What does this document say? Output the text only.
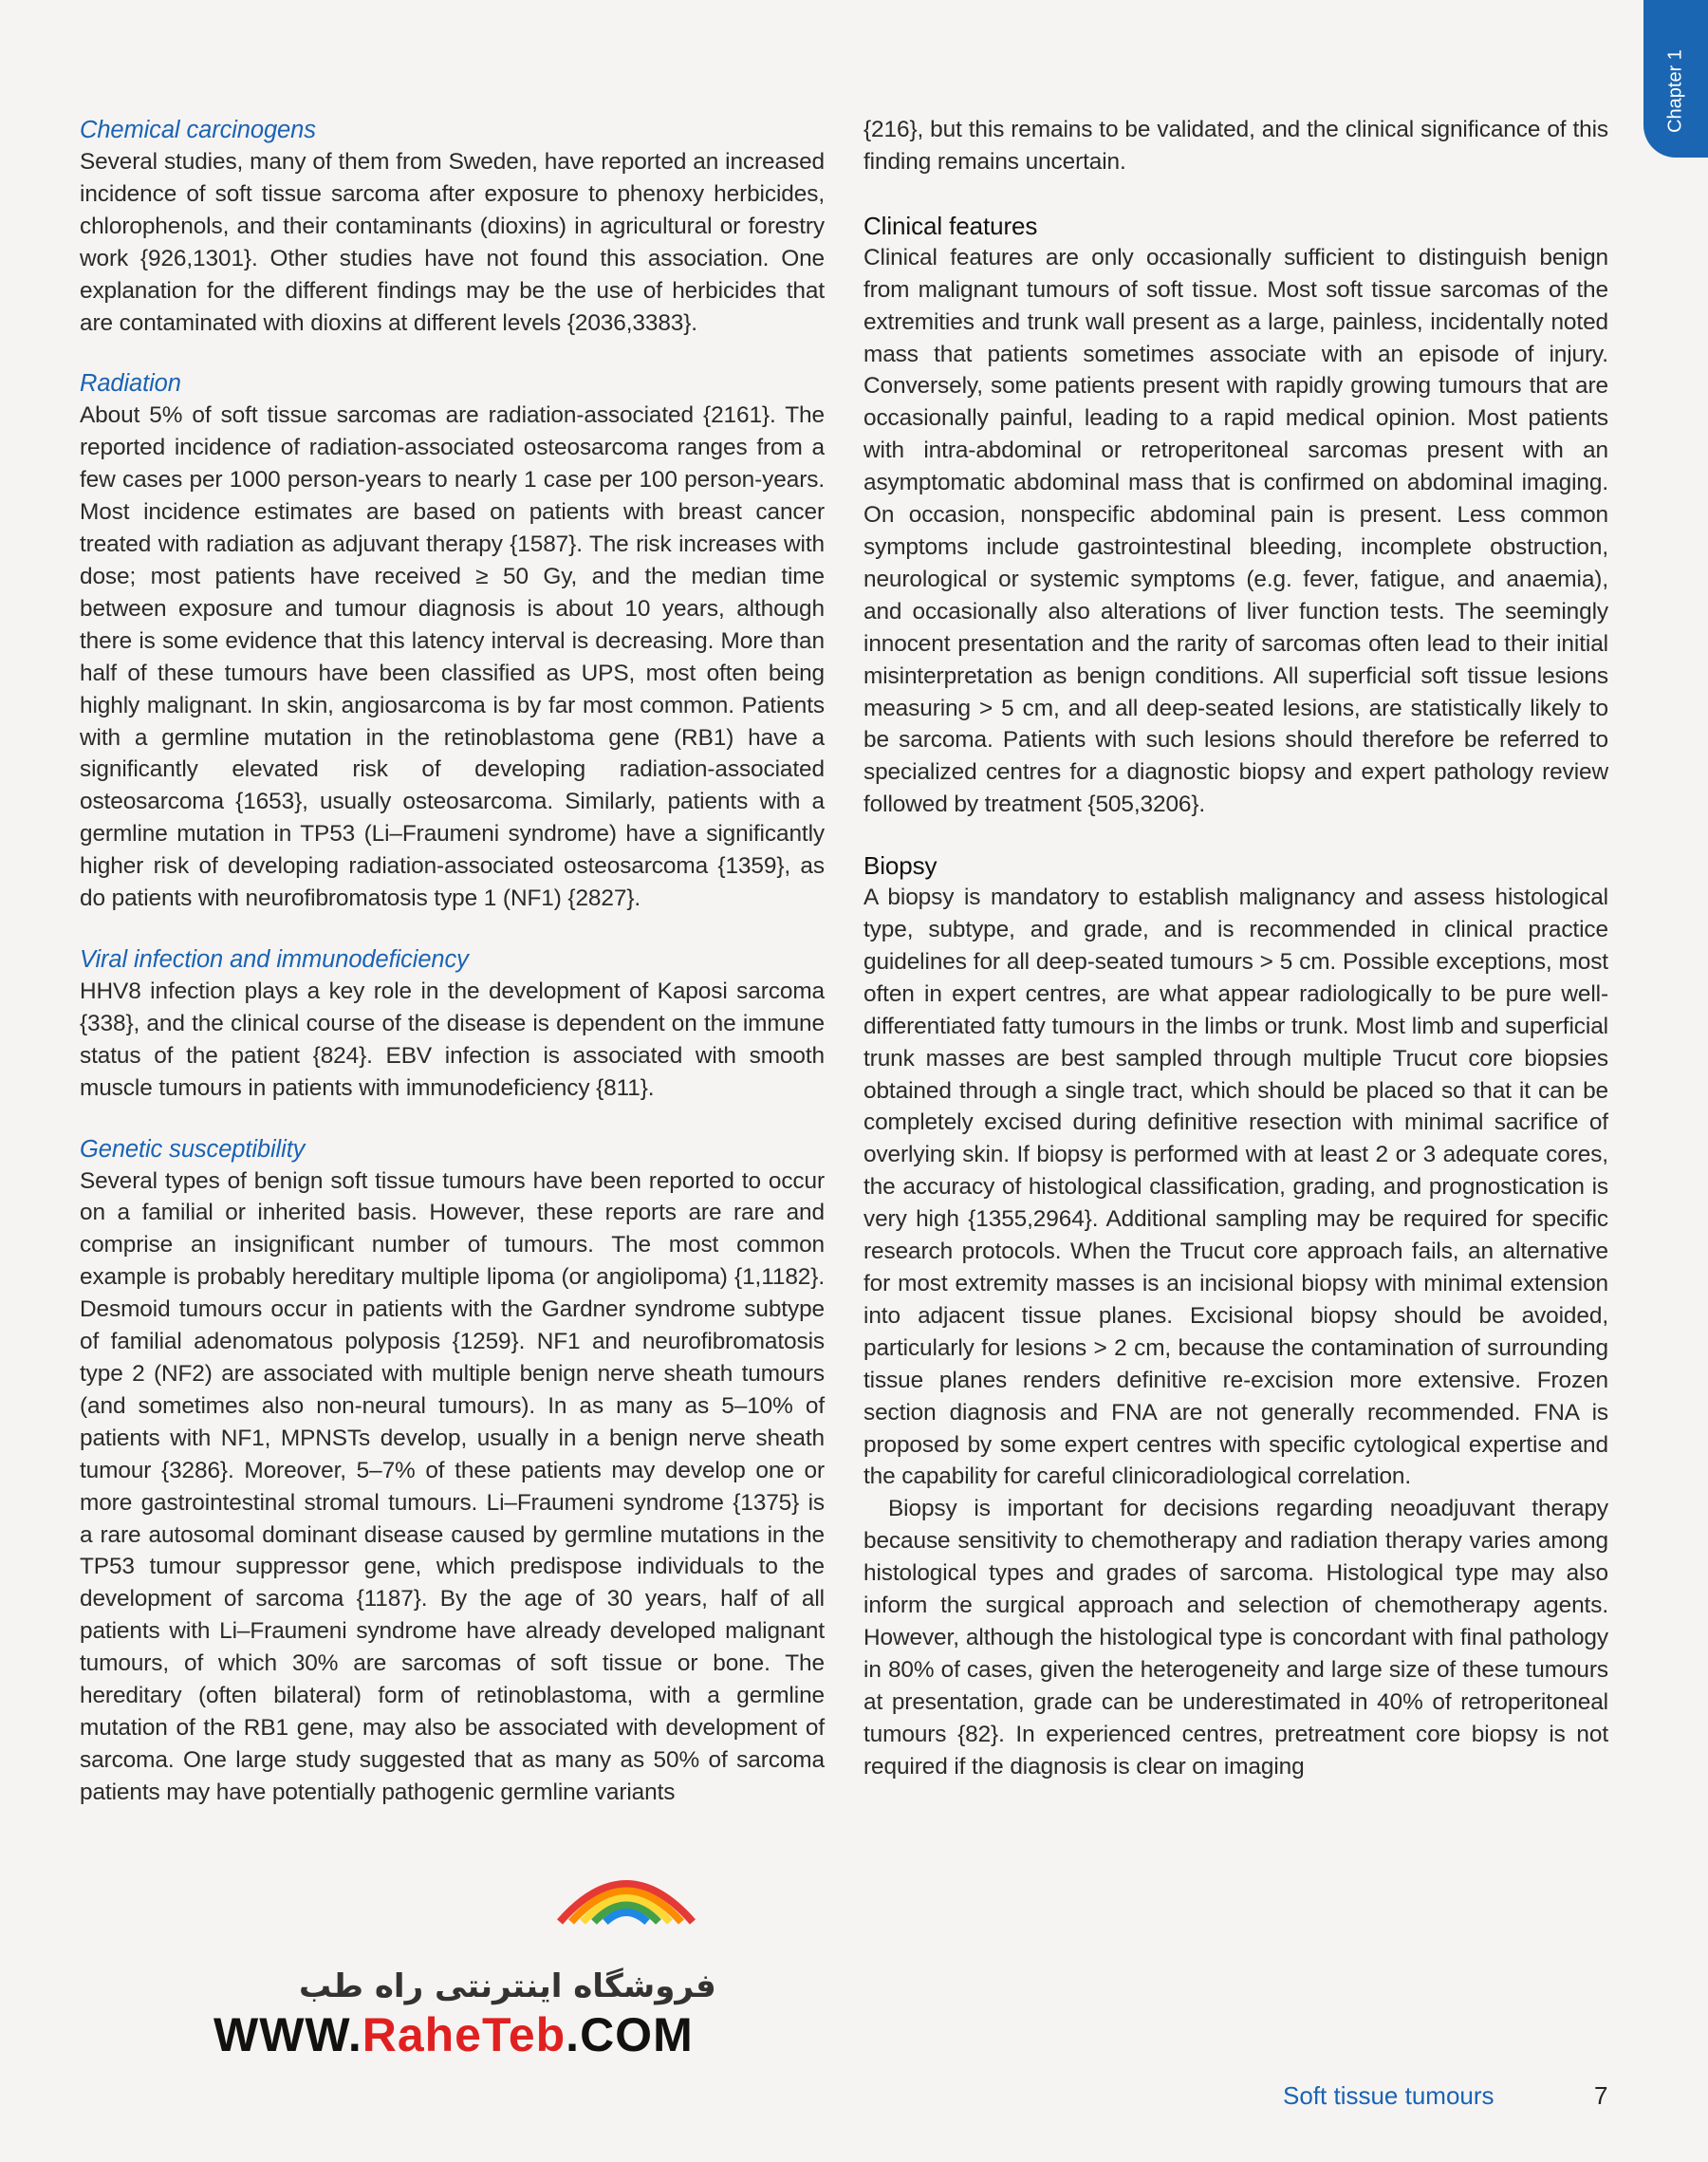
Chapter 1
Chemical carcinogens

Several studies, many of them from Sweden, have reported an increased incidence of soft tissue sarcoma after exposure to phenoxy herbicides, chlorophenols, and their contaminants (dioxins) in agricultural or forestry work {926,1301}. Other studies have not found this association. One explanation for the different findings may be the use of herbicides that are contaminated with dioxins at different levels {2036,3383}.

Radiation

About 5% of soft tissue sarcomas are radiation-associated {2161}. The reported incidence of radiation-associated osteosarcoma ranges from a few cases per 1000 person-years to nearly 1 case per 100 person-years. Most incidence estimates are based on patients with breast cancer treated with radiation as adjuvant therapy {1587}. The risk increases with dose; most patients have received ≥ 50 Gy, and the median time between exposure and tumour diagnosis is about 10 years, although there is some evidence that this latency interval is decreasing. More than half of these tumours have been classified as UPS, most often being highly malignant. In skin, angiosarcoma is by far most common. Patients with a germline mutation in the retinoblastoma gene (RB1) have a significantly elevated risk of developing radiation-associated osteosarcoma {1653}, usually osteosarcoma. Similarly, patients with a germline mutation in TP53 (Li–Fraumeni syndrome) have a significantly higher risk of developing radiation-associated osteosarcoma {1359}, as do patients with neurofibromatosis type 1 (NF1) {2827}.

Viral infection and immunodeficiency

HHV8 infection plays a key role in the development of Kaposi sarcoma {338}, and the clinical course of the disease is dependent on the immune status of the patient {824}. EBV infection is associated with smooth muscle tumours in patients with immunodeficiency {811}.

Genetic susceptibility

Several types of benign soft tissue tumours have been reported to occur on a familial or inherited basis. However, these reports are rare and comprise an insignificant number of tumours. The most common example is probably hereditary multiple lipoma (or angiolipoma) {1,1182}. Desmoid tumours occur in patients with the Gardner syndrome subtype of familial adenomatous polyposis {1259}. NF1 and neurofibromatosis type 2 (NF2) are associated with multiple benign nerve sheath tumours (and sometimes also non-neural tumours). In as many as 5–10% of patients with NF1, MPNSTs develop, usually in a benign nerve sheath tumour {3286}. Moreover, 5–7% of these patients may develop one or more gastrointestinal stromal tumours. Li–Fraumeni syndrome {1375} is a rare autosomal dominant disease caused by germline mutations in the TP53 tumour suppressor gene, which predispose individuals to the development of sarcoma {1187}. By the age of 30 years, half of all patients with Li–Fraumeni syndrome have already developed malignant tumours, of which 30% are sarcomas of soft tissue or bone. The hereditary (often bilateral) form of retinoblastoma, with a germline mutation of the RB1 gene, may also be associated with development of sarcoma. One large study suggested that as many as 50% of sarcoma patients may have potentially pathogenic germline variants

{216}, but this remains to be validated, and the clinical significance of this finding remains uncertain.

Clinical features

Clinical features are only occasionally sufficient to distinguish benign from malignant tumours of soft tissue. Most soft tissue sarcomas of the extremities and trunk wall present as a large, painless, incidentally noted mass that patients sometimes associate with an episode of injury. Conversely, some patients present with rapidly growing tumours that are occasionally painful, leading to a rapid medical opinion. Most patients with intra-abdominal or retroperitoneal sarcomas present with an asymptomatic abdominal mass that is confirmed on abdominal imaging. On occasion, nonspecific abdominal pain is present. Less common symptoms include gastrointestinal bleeding, incomplete obstruction, neurological or systemic symptoms (e.g. fever, fatigue, and anaemia), and occasionally also alterations of liver function tests. The seemingly innocent presentation and the rarity of sarcomas often lead to their initial misinterpretation as benign conditions. All superficial soft tissue lesions measuring > 5 cm, and all deep-seated lesions, are statistically likely to be sarcoma. Patients with such lesions should therefore be referred to specialized centres for a diagnostic biopsy and expert pathology review followed by treatment {505,3206}.

Biopsy

A biopsy is mandatory to establish malignancy and assess histological type, subtype, and grade, and is recommended in clinical practice guidelines for all deep-seated tumours > 5 cm. Possible exceptions, most often in expert centres, are what appear radiologically to be pure well-differentiated fatty tumours in the limbs or trunk. Most limb and superficial trunk masses are best sampled through multiple Trucut core biopsies obtained through a single tract, which should be placed so that it can be completely excised during definitive resection with minimal sacrifice of overlying skin. If biopsy is performed with at least 2 or 3 adequate cores, the accuracy of histological classification, grading, and prognostication is very high {1355,2964}. Additional sampling may be required for specific research protocols. When the Trucut core approach fails, an alternative for most extremity masses is an incisional biopsy with minimal extension into adjacent tissue planes. Excisional biopsy should be avoided, particularly for lesions > 2 cm, because the contamination of surrounding tissue planes renders definitive re-excision more extensive. Frozen section diagnosis and FNA are not generally recommended. FNA is proposed by some expert centres with specific cytological expertise and the capability for careful clinicoradiological correlation.

Biopsy is important for decisions regarding neoadjuvant therapy because sensitivity to chemotherapy and radiation therapy varies among histological types and grades of sarcoma. Histological type may also inform the surgical approach and selection of chemotherapy agents. However, although the histological type is concordant with final pathology in 80% of cases, given the heterogeneity and large size of these tumours at presentation, grade can be underestimated in 40% of retroperitoneal tumours {82}. In experienced centres, pretreatment core biopsy is not required if the diagnosis is clear on imaging

فروشگاه اینترنتی راه طب
WWW.RaheTeb.COM
Soft tissue tumours	7
